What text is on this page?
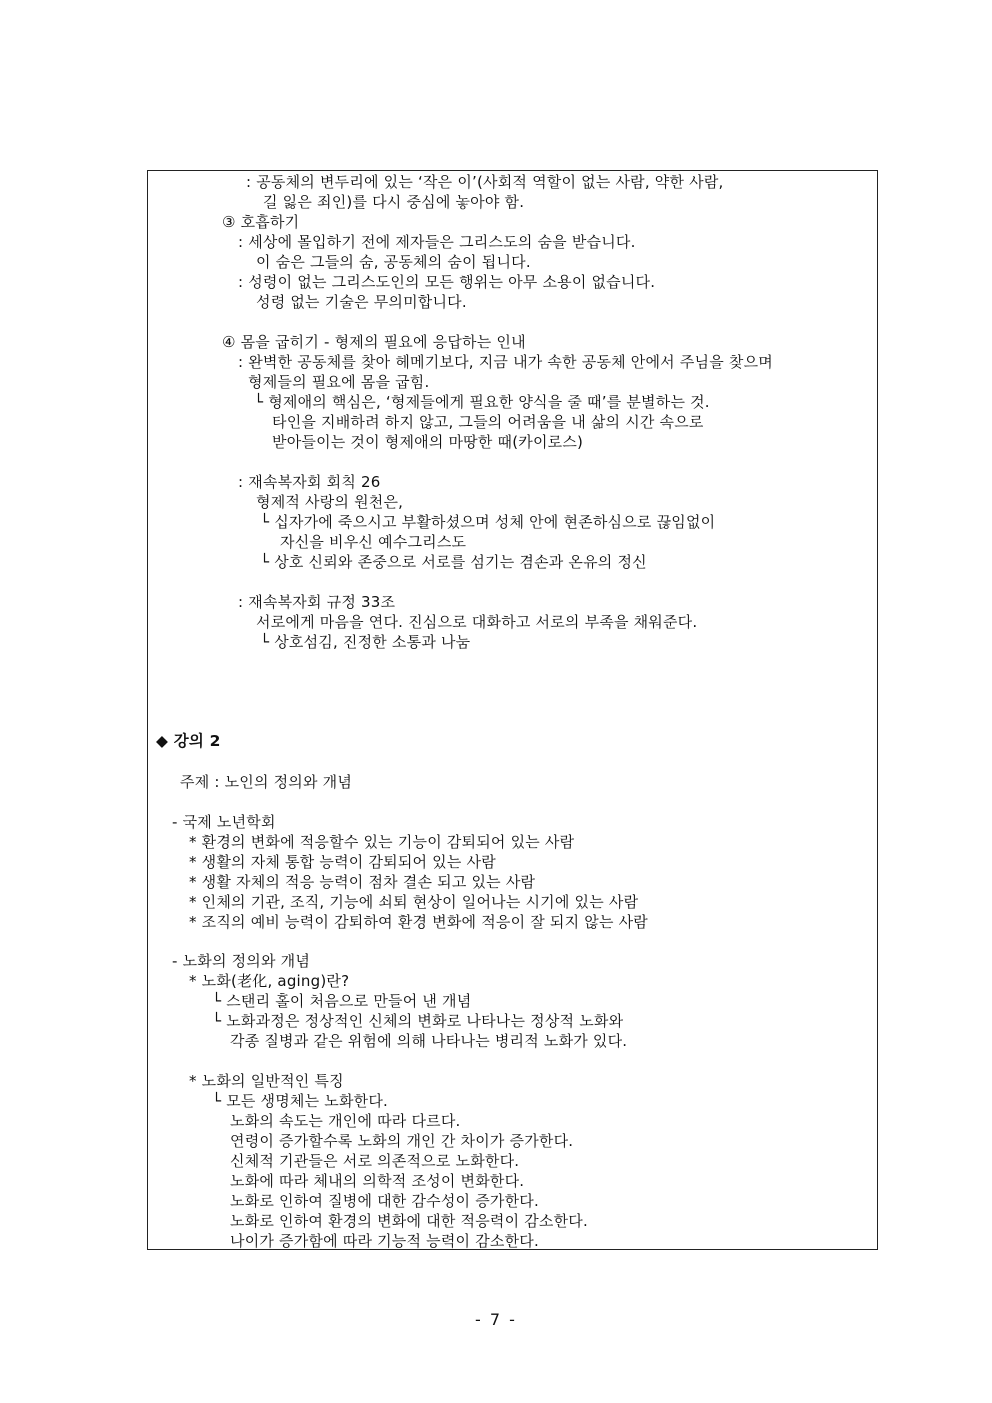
: 공동체의 변두리에 있는 ‘작은 이’(사회적 역할이 없는 사람, 약한 사람,
길 잃은 죄인)를 다시 중심에 놓아야 함.
③ 호흡하기
: 세상에 몰입하기 전에 제자들은 그리스도의 숨을 받습니다.
이 숨은 그들의 숨, 공동체의 숨이 됩니다.
: 성령이 없는 그리스도인의 모든 행위는 아무 소용이 없습니다.
성령 없는 기술은 무의미합니다.
④ 몸을 굽히기 - 형제의 필요에 응답하는 인내
: 완벽한 공동체를 찾아 헤메기보다, 지금 내가 속한 공동체 안에서 주님을 찾으며
형제들의 필요에 몸을 굽힘.
└ 형제애의 핵심은, ‘형제들에게 필요한 양식을 줄 때’를 분별하는 것.
타인을 지배하려 하지 않고, 그들의 어려움을 내 삶의 시간 속으로
받아들이는 것이 형제애의 마땅한 때(카이로스)
: 재속복자회 회칙 26
형제적 사랑의 원천은,
└ 십자가에 죽으시고 부활하셨으며 성체 안에 현존하심으로 끊임없이
자신을 비우신 예수그리스도
└ 상호 신뢰와 존중으로 서로를 섬기는 겸손과 온유의 정신
: 재속복자회 규정 33조
서로에게 마음을 연다. 진심으로 대화하고 서로의 부족을 채워준다.
└ 상호섬김, 진정한 소통과 나눔
◆ 강의 2
주제 : 노인의 정의와 개념
- 국제 노년학회
* 환경의 변화에 적응할수 있는 기능이 감퇴되어 있는 사람
* 생활의 자체 통합 능력이 감퇴되어 있는 사람
* 생활 자체의 적응 능력이 점차 결손 되고 있는 사람
* 인체의 기관, 조직, 기능에 쇠퇴 현상이 일어나는 시기에 있는 사람
* 조직의 예비 능력이 감퇴하여 환경 변화에 적응이 잘 되지 않는 사람
- 노화의 정의와 개념
* 노화(老化, aging)란?
└ 스탠리 홀이 처음으로 만들어 낸 개념
└ 노화과정은 정상적인 신체의 변화로 나타나는 정상적 노화와
각종 질병과 같은 위험에 의해 나타나는 병리적 노화가 있다.
* 노화의 일반적인 특징
└ 모든 생명체는 노화한다.
노화의 속도는 개인에 따라 다르다.
연령이 증가할수록 노화의 개인 간 차이가 증가한다.
신체적 기관들은 서로 의존적으로 노화한다.
노화에 따라 체내의 의학적 조성이 변화한다.
노화로 인하여 질병에 대한 감수성이 증가한다.
노화로 인하여 환경의 변화에 대한 적응력이 감소한다.
나이가 증가함에 따라 기능적 능력이 감소한다.
- 7 -
